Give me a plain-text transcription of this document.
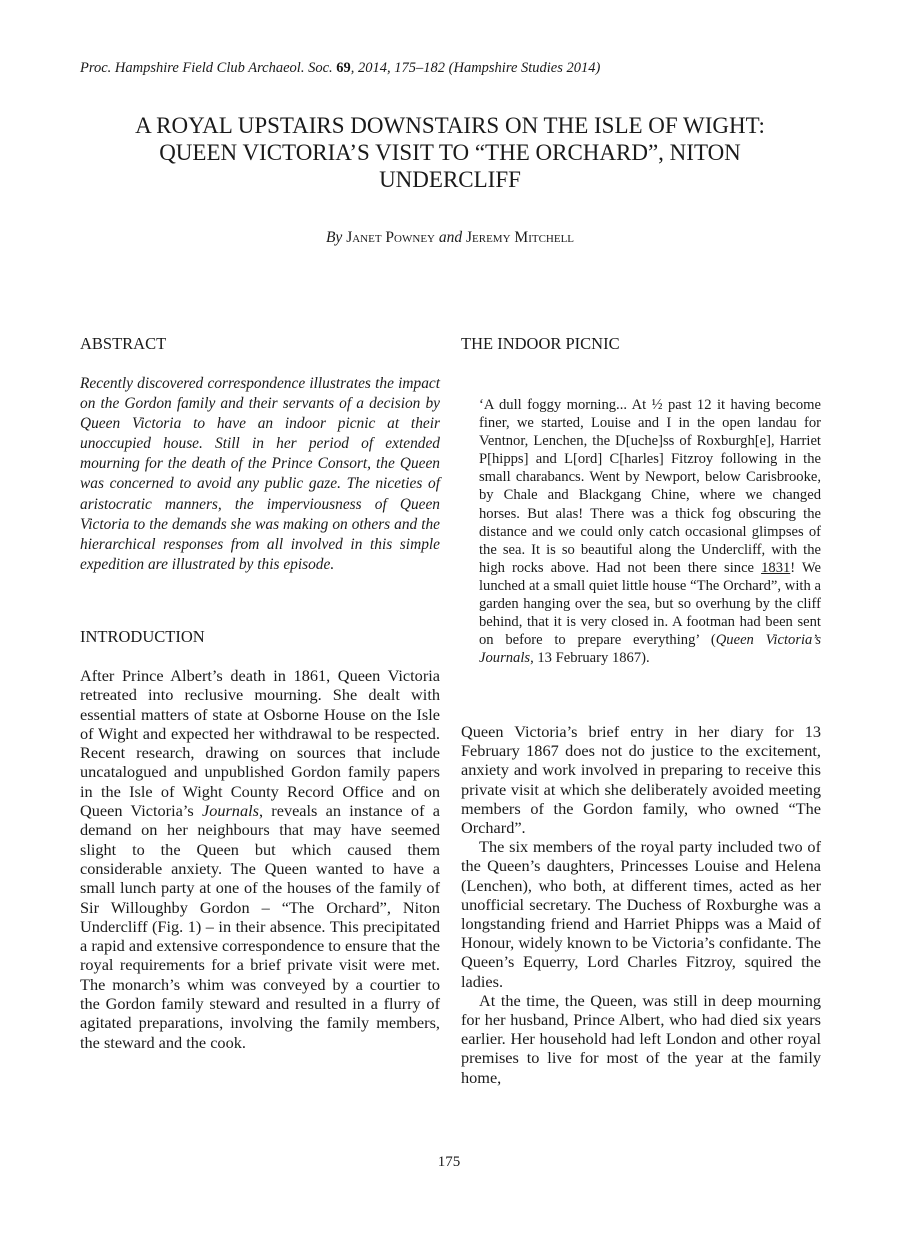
Proc. Hampshire Field Club Archaeol. Soc. 69, 2014, 175–182 (Hampshire Studies 2014)
A ROYAL UPSTAIRS DOWNSTAIRS ON THE ISLE OF WIGHT:
QUEEN VICTORIA’S VISIT TO “THE ORCHARD”, NITON
UNDERCLIFF
By Janet Powney and Jeremy Mitchell
ABSTRACT
Recently discovered correspondence illustrates the impact on the Gordon family and their servants of a decision by Queen Victoria to have an indoor picnic at their unoccupied house. Still in her period of extended mourning for the death of the Prince Consort, the Queen was concerned to avoid any public gaze. The niceties of aristocratic manners, the imperviousness of Queen Victoria to the demands she was making on others and the hierarchical responses from all involved in this simple expedition are illustrated by this episode.
INTRODUCTION
After Prince Albert’s death in 1861, Queen Victoria retreated into reclusive mourning. She dealt with essential matters of state at Osborne House on the Isle of Wight and expected her withdrawal to be respected. Recent research, drawing on sources that include uncatalogued and unpublished Gordon family papers in the Isle of Wight County Record Office and on Queen Victoria’s Journals, reveals an instance of a demand on her neighbours that may have seemed slight to the Queen but which caused them considerable anxiety. The Queen wanted to have a small lunch party at one of the houses of the family of Sir Willoughby Gordon – “The Orchard”, Niton Undercliff (Fig. 1) – in their absence. This precipitated a rapid and extensive correspondence to ensure that the royal requirements for a brief private visit were met. The monarch’s whim was conveyed by a courtier to the Gordon family steward and resulted in a flurry of agitated preparations, involving the family members, the steward and the cook.
THE INDOOR PICNIC
‘A dull foggy morning... At ½ past 12 it having become finer, we started, Louise and I in the open landau for Ventnor, Lenchen, the D[uche]ss of Roxburgh[e], Harriet P[hipps] and L[ord] C[harles] Fitzroy following in the small charabancs. Went by Newport, below Carisbrooke, by Chale and Blackgang Chine, where we changed horses. But alas! There was a thick fog obscuring the distance and we could only catch occasional glimpses of the sea. It is so beautiful along the Undercliff, with the high rocks above. Had not been there since 1831! We lunched at a small quiet little house “The Orchard”, with a garden hanging over the sea, but so overhung by the cliff behind, that it is very closed in. A footman had been sent on before to prepare everything’ (Queen Victoria’s Journals, 13 February 1867).

Queen Victoria’s brief entry in her diary for 13 February 1867 does not do justice to the excitement, anxiety and work involved in preparing to receive this private visit at which she deliberately avoided meeting members of the Gordon family, who owned “The Orchard”.

The six members of the royal party included two of the Queen’s daughters, Princesses Louise and Helena (Lenchen), who both, at different times, acted as her unofficial secretary. The Duchess of Roxburghe was a longstanding friend and Harriet Phipps was a Maid of Honour, widely known to be Victoria’s confidante. The Queen’s Equerry, Lord Charles Fitzroy, squired the ladies.

At the time, the Queen, was still in deep mourning for her husband, Prince Albert, who had died six years earlier. Her household had left London and other royal premises to live for most of the year at the family home,

175
